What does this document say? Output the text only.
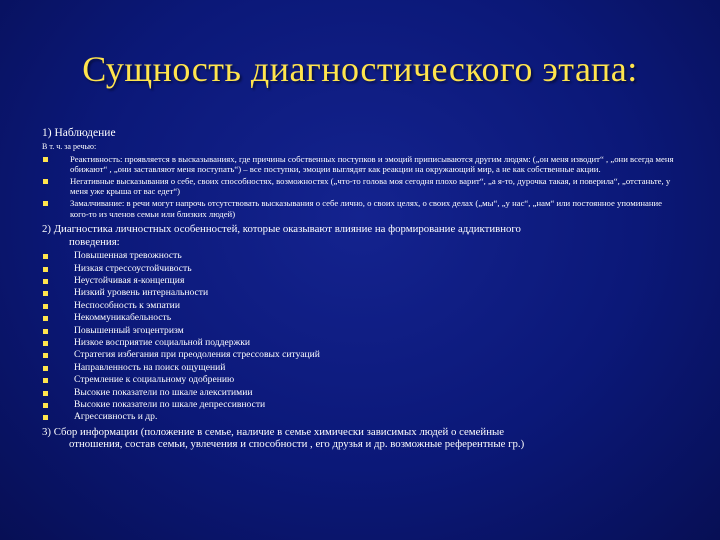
Сущность диагностического этапа:
1) Наблюдение
В т. ч. за речью:
Реактивность: проявляется в высказываниях, где причины собственных поступков и эмоций приписываются другим людям: („он меня изводит“ , „они всегда меня обижают“ , „они заставляют меня поступать“) – все поступки, эмоции выглядят как реакции на окружающий мир, а не как собственные акции.
Негативные высказывания о себе, своих способностях, возможностях („что-то голова моя сегодня плохо варит“, „а я-то, дурочка такая, и поверила“, „отстаньте, у меня уже крыша от вас едет“)
Замалчивание: в речи могут напрочь отсутствовать высказывания о себе лично, о своих целях, о своих делах („мы“, „у нас“, „нам“ или постоянное упоминание кого-то из членов семьи или близких людей)
2) Диагностика личностных особенностей, которые оказывают влияние на формирование аддиктивного
поведения:
Повышенная тревожность
Низкая стрессоустойчивость
Неустойчивая я-концепция
Низкий уровень интернальности
Неспособность к эмпатии
Некоммуникабельность
Повышенный эгоцентризм
Низкое восприятие социальной поддержки
Стратегия избегания при преодоления стрессовых ситуаций
Направленность на поиск ощущений
Стремление к социальному одобрению
Высокие показатели по шкале алекситимии
Высокие показатели по шкале депрессивности
Агрессивность и др.
3) Сбор информации (положение в семье, наличие в семье химически зависимых людей о семейные
отношения, состав семьи, увлечения и способности , его друзья и др. возможные референтные гр.)
